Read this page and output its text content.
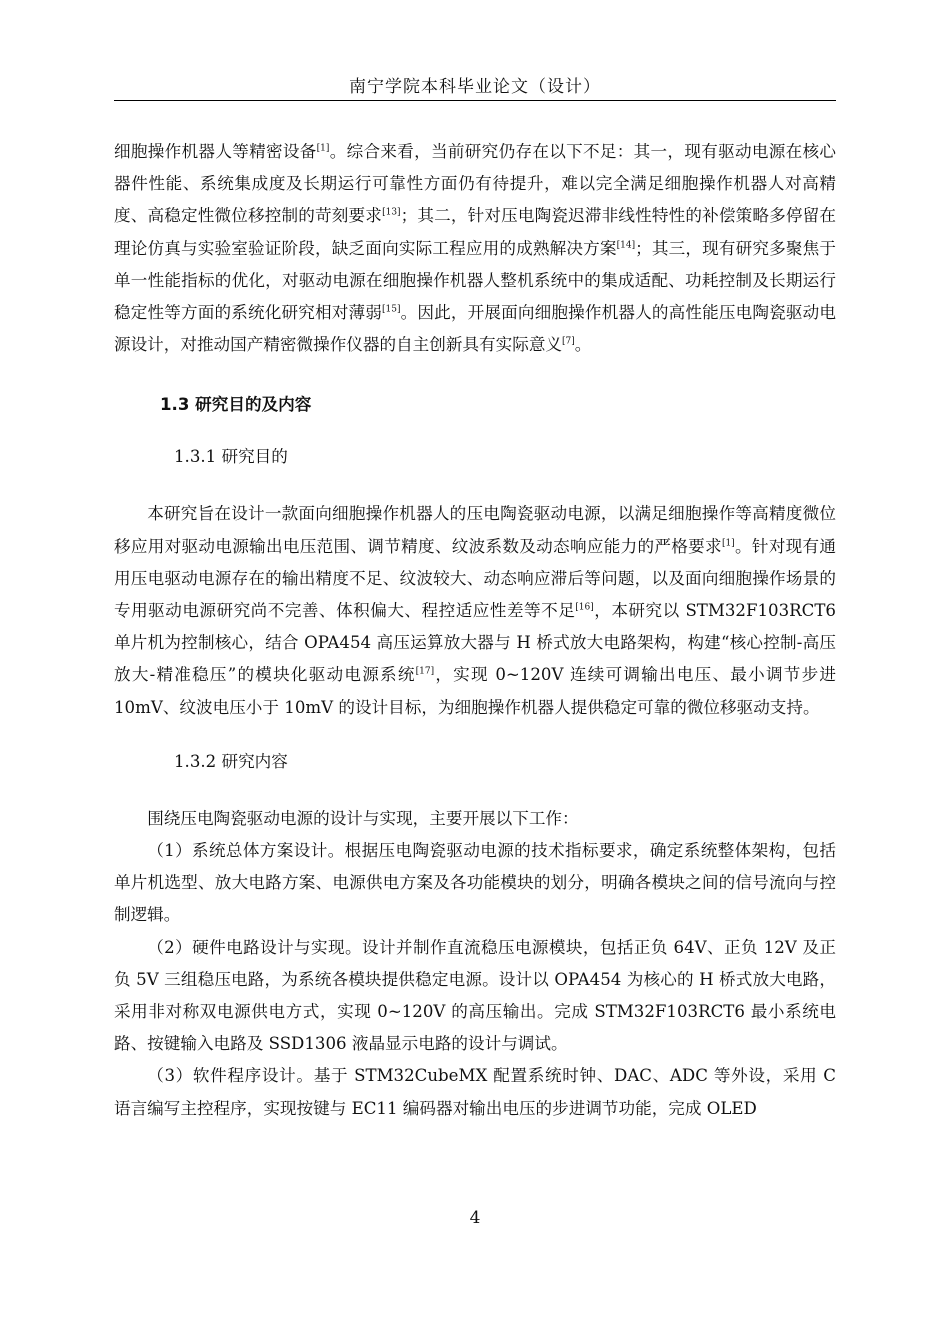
南宁学院本科毕业论文（设计）

细胞操作机器人等精密设备[1]。综合来看，当前研究仍存在以下不足：其一，现有驱动电源在核心器件性能、系统集成度及长期运行可靠性方面仍有待提升，难以完全满足细胞操作机器人对高精度、高稳定性微位移控制的苛刻要求[13]；其二，针对压电陶瓷迟滞非线性特性的补偿策略多停留在理论仿真与实验室验证阶段，缺乏面向实际工程应用的成熟解决方案[14]；其三，现有研究多聚焦于单一性能指标的优化，对驱动电源在细胞操作机器人整机系统中的集成适配、功耗控制及长期运行稳定性等方面的系统化研究相对薄弱[15]。因此，开展面向细胞操作机器人的高性能压电陶瓷驱动电源设计，对推动国产精密微操作仪器的自主创新具有实际意义[7]。

1.3 研究目的及内容
1.3.1 研究目的

本研究旨在设计一款面向细胞操作机器人的压电陶瓷驱动电源，以满足细胞操作等高精度微位移应用对驱动电源输出电压范围、调节精度、纹波系数及动态响应能力的严格要求[1]。针对现有通用压电驱动电源存在的输出精度不足、纹波较大、动态响应滞后等问题，以及面向细胞操作场景的专用驱动电源研究尚不完善、体积偏大、程控适应性差等不足[16]，本研究以 STM32F103RCT6 单片机为控制核心，结合 OPA454 高压运算放大器与 H 桥式放大电路架构，构建“核心控制-高压放大-精准稳压”的模块化驱动电源系统[17]，实现 0~120V 连续可调输出电压、最小调节步进 10mV、纹波电压小于 10mV 的设计目标，为细胞操作机器人提供稳定可靠的微位移驱动支持。

1.3.2 研究内容

围绕压电陶瓷驱动电源的设计与实现，主要开展以下工作：

（1）系统总体方案设计。根据压电陶瓷驱动电源的技术指标要求，确定系统整体架构，包括单片机选型、放大电路方案、电源供电方案及各功能模块的划分，明确各模块之间的信号流向与控制逻辑。

（2）硬件电路设计与实现。设计并制作直流稳压电源模块，包括正负 64V、正负 12V 及正负 5V 三组稳压电路，为系统各模块提供稳定电源。设计以 OPA454 为核心的 H 桥式放大电路，采用非对称双电源供电方式，实现 0~120V 的高压输出。完成 STM32F103RCT6 最小系统电路、按键输入电路及 SSD1306 液晶显示电路的设计与调试。

（3）软件程序设计。基于 STM32CubeMX 配置系统时钟、DAC、ADC 等外设，采用 C 语言编写主控程序，实现按键与 EC11 编码器对输出电压的步进调节功能，完成 OLED

4
